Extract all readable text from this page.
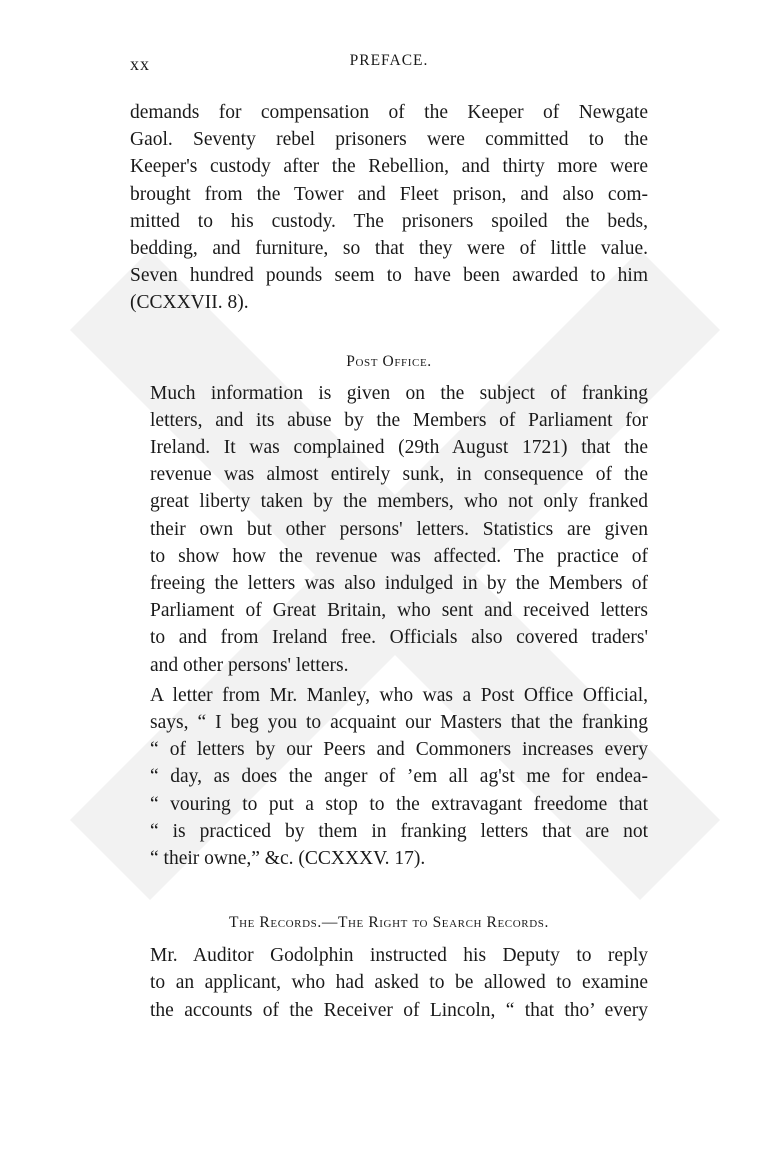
xx	PREFACE.

demands for compensation of the Keeper of Newgate
Gaol. Seventy rebel prisoners were committed to the
Keeper's custody after the Rebellion, and thirty more were
brought from the Tower and Fleet prison, and also com-
mitted to his custody. The prisoners spoiled the beds,
bedding, and furniture, so that they were of little value.
Seven hundred pounds seem to have been awarded to him
(CCXXVII. 8).

Post Office.

Much information is given on the subject of franking
letters, and its abuse by the Members of Parliament for
Ireland. It was complained (29th August 1721) that the
revenue was almost entirely sunk, in consequence of the
great liberty taken by the members, who not only franked
their own but other persons' letters. Statistics are given
to show how the revenue was affected. The practice of
freeing the letters was also indulged in by the Members of
Parliament of Great Britain, who sent and received letters
to and from Ireland free. Officials also covered traders'
and other persons' letters.

A letter from Mr. Manley, who was a Post Office Official,
says, “ I beg you to acquaint our Masters that the franking
“ of letters by our Peers and Commoners increases every
“ day, as does the anger of ’em all ag'st me for endea-
“ vouring to put a stop to the extravagant freedome that
“ is practiced by them in franking letters that are not
“ their owne,” &c. (CCXXXV. 17).

The Records.—The Right to Search Records.

Mr. Auditor Godolphin instructed his Deputy to reply
to an applicant, who had asked to be allowed to examine
the accounts of the Receiver of Lincoln, “ that tho’ every
